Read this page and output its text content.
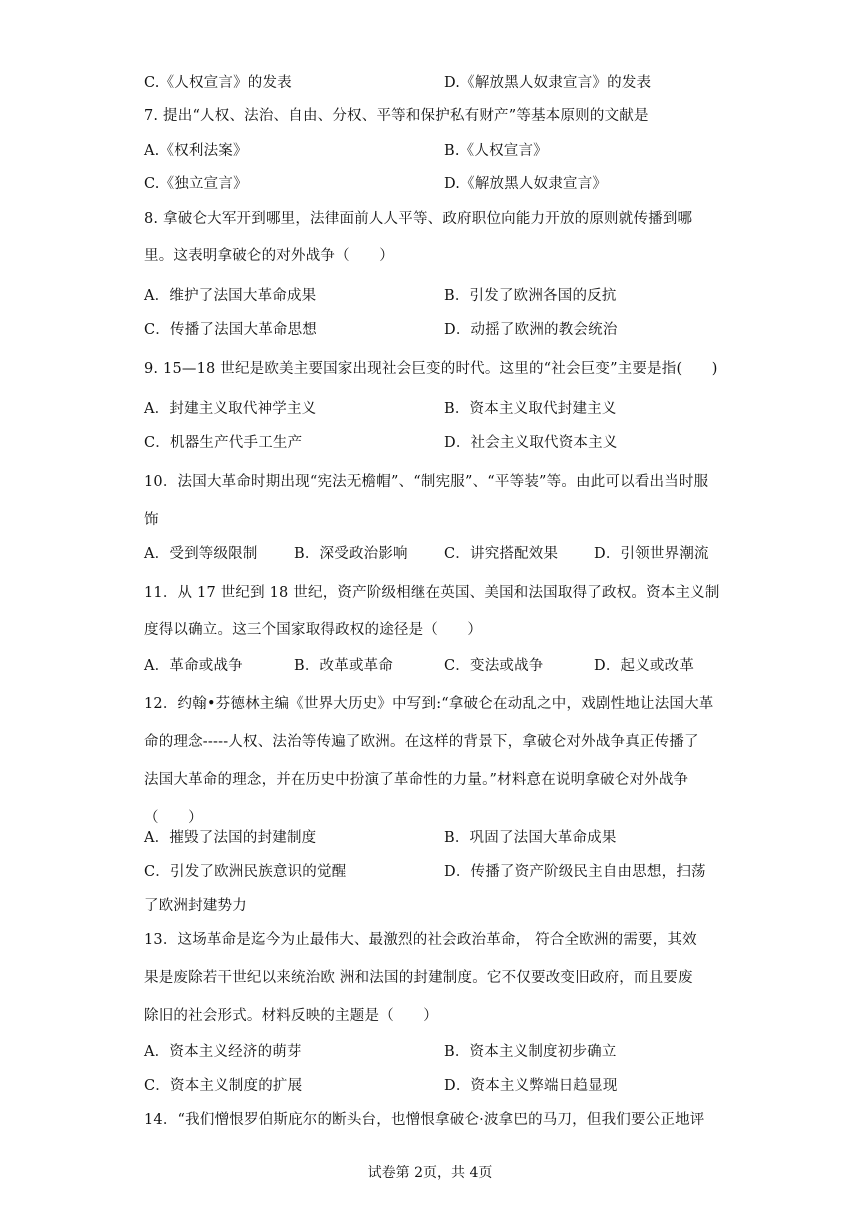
C.《人权宣言》的发表	D.《解放黑人奴隶宣言》的发表
7. 提出“人权、法治、自由、分权、平等和保护私有财产”等基本原则的文献是
A.《权利法案》	B.《人权宣言》
C.《独立宣言》	D.《解放黑人奴隶宣言》
8. 拿破仑大军开到哪里，法律面前人人平等、政府职位向能力开放的原则就传播到哪
里。这表明拿破仑的对外战争（　　）
A．维护了法国大革命成果	B．引发了欧洲各国的反抗
C．传播了法国大革命思想	D．动摇了欧洲的教会统治
9. 15—18 世纪是欧美主要国家出现社会巨变的时代。这里的“社会巨变”主要是指(　　)
A．封建主义取代神学主义	B．资本主义取代封建主义
C．机器生产代手工生产	D．社会主义取代资本主义
10．法国大革命时期出现“宪法无檐帽”、“制宪服”、“平等装”等。由此可以看出当时服
饰
A．受到等级限制	B．深受政治影响 C．讲究搭配效果 D．引领世界潮流
11．从 17 世纪到 18 世纪，资产阶级相继在英国、美国和法国取得了政权。资本主义制
度得以确立。这三个国家取得政权的途径是（　　）
A．革命或战争	B．改革或革命	C．变法或战争	D．起义或改革
12．约翰•芬德林主编《世界大历史》中写到:“拿破仑在动乱之中，戏剧性地让法国大革
命的理念-----人权、法治等传遍了欧洲。在这样的背景下，拿破仑对外战争真正传播了
法国大革命的理念，并在历史中扮演了革命性的力量。”材料意在说明拿破仑对外战争
（　　）
A．摧毁了法国的封建制度	B．巩固了法国大革命成果
C．引发了欧洲民族意识的觉醒	D．传播了资产阶级民主自由思想，扫荡
了欧洲封建势力
13．这场革命是迄今为止最伟大、最激烈的社会政治革命， 符合全欧洲的需要，其效
果是废除若干世纪以来统治欧 洲和法国的封建制度。它不仅要改变旧政府，而且要废
除旧的社会形式。材料反映的主题是（　　）
A．资本主义经济的萌芽	B．资本主义制度初步确立
C．资本主义制度的扩展	D．资本主义弊端日趋显现
14．“我们憎恨罗伯斯庇尔的断头台，也憎恨拿破仑·波拿巴的马刀，但我们要公正地评
试卷第 2页，共 4页
